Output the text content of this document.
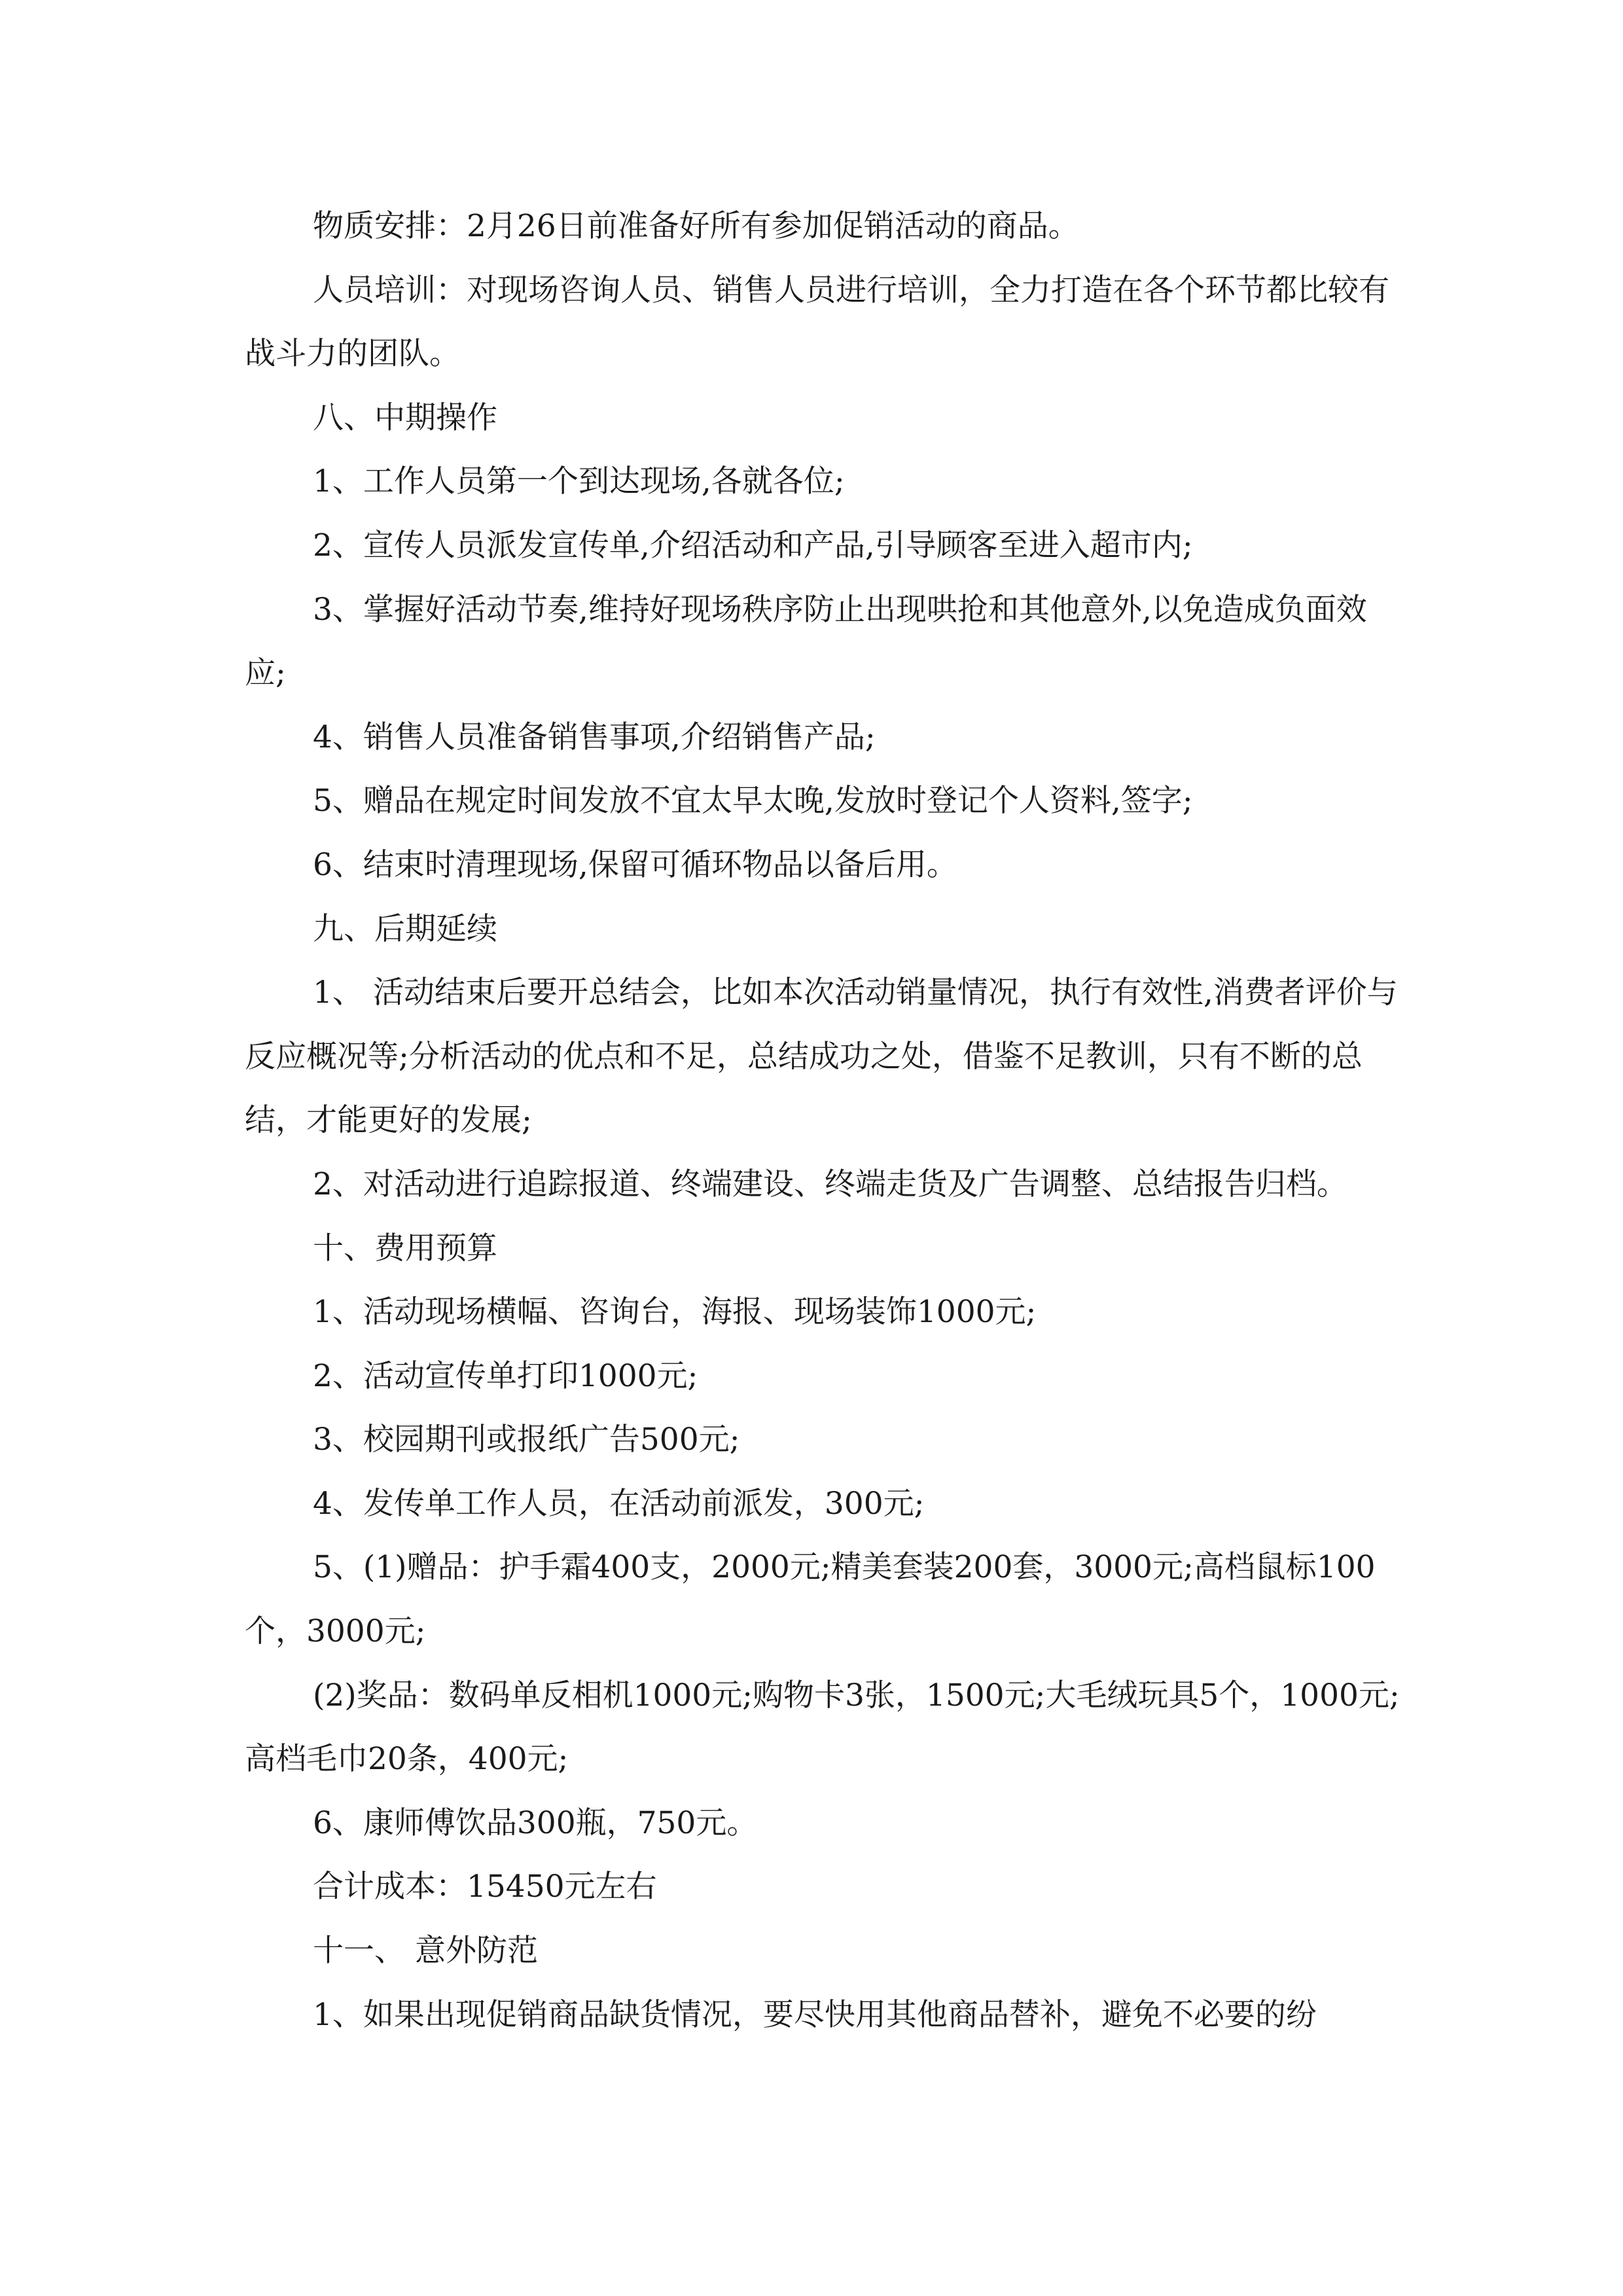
物质安排：2月26日前准备好所有参加促销活动的商品。

人员培训：对现场咨询人员、销售人员进行培训，全力打造在各个环节都比较有战斗力的团队。

八、中期操作

1、工作人员第一个到达现场,各就各位;

2、宣传人员派发宣传单,介绍活动和产品,引导顾客至进入超市内;

3、掌握好活动节奏,维持好现场秩序防止出现哄抢和其他意外,以免造成负面效应;

4、销售人员准备销售事项,介绍销售产品;

5、赠品在规定时间发放不宜太早太晚,发放时登记个人资料,签字;

6、结束时清理现场,保留可循环物品以备后用。

九、后期延续

1、 活动结束后要开总结会，比如本次活动销量情况，执行有效性,消费者评价与反应概况等;分析活动的优点和不足，总结成功之处，借鉴不足教训，只有不断的总结，才能更好的发展;

2、对活动进行追踪报道、终端建设、终端走货及广告调整、总结报告归档。

十、费用预算

1、活动现场横幅、咨询台，海报、现场装饰1000元;

2、活动宣传单打印1000元;

3、校园期刊或报纸广告500元;

4、发传单工作人员，在活动前派发，300元;

5、(1)赠品：护手霜400支，2000元;精美套装200套，3000元;高档鼠标100个，3000元;

(2)奖品：数码单反相机1000元;购物卡3张，1500元;大毛绒玩具5个，1000元;高档毛巾20条，400元;

6、康师傅饮品300瓶，750元。

合计成本：15450元左右

十一、 意外防范

1、如果出现促销商品缺货情况，要尽快用其他商品替补，避免不必要的纷
